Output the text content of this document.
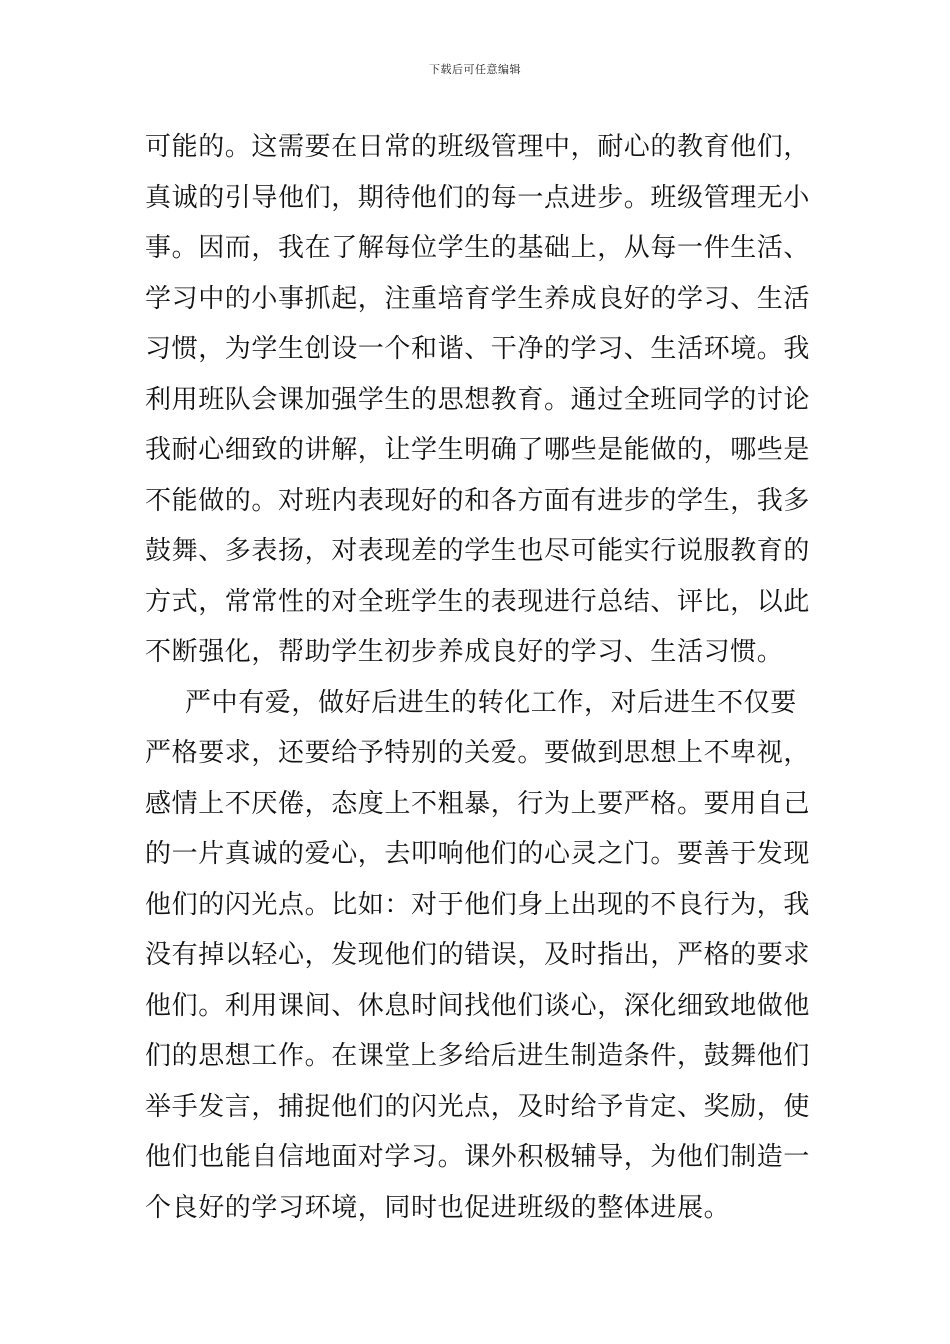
下载后可任意编辑
可能的。这需要在日常的班级管理中，耐心的教育他们，
真诚的引导他们，期待他们的每一点进步。班级管理无小
事。因而，我在了解每位学生的基础上，从每一件生活、
学习中的小事抓起，注重培育学生养成良好的学习、生活
习惯，为学生创设一个和谐、干净的学习、生活环境。我
利用班队会课加强学生的思想教育。通过全班同学的讨论
我耐心细致的讲解，让学生明确了哪些是能做的，哪些是
不能做的。对班内表现好的和各方面有进步的学生，我多
鼓舞、多表扬，对表现差的学生也尽可能实行说服教育的
方式，常常性的对全班学生的表现进行总结、评比，以此
不断强化，帮助学生初步养成良好的学习、生活习惯。
严中有爱，做好后进生的转化工作，对后进生不仅要
严格要求，还要给予特别的关爱。要做到思想上不卑视，
感情上不厌倦，态度上不粗暴，行为上要严格。要用自己
的一片真诚的爱心，去叩响他们的心灵之门。要善于发现
他们的闪光点。比如：对于他们身上出现的不良行为，我
没有掉以轻心，发现他们的错误，及时指出，严格的要求
他们。利用课间、休息时间找他们谈心，深化细致地做他
们的思想工作。在课堂上多给后进生制造条件，鼓舞他们
举手发言，捕捉他们的闪光点，及时给予肯定、奖励，使
他们也能自信地面对学习。课外积极辅导，为他们制造一
个良好的学习环境，同时也促进班级的整体进展。
